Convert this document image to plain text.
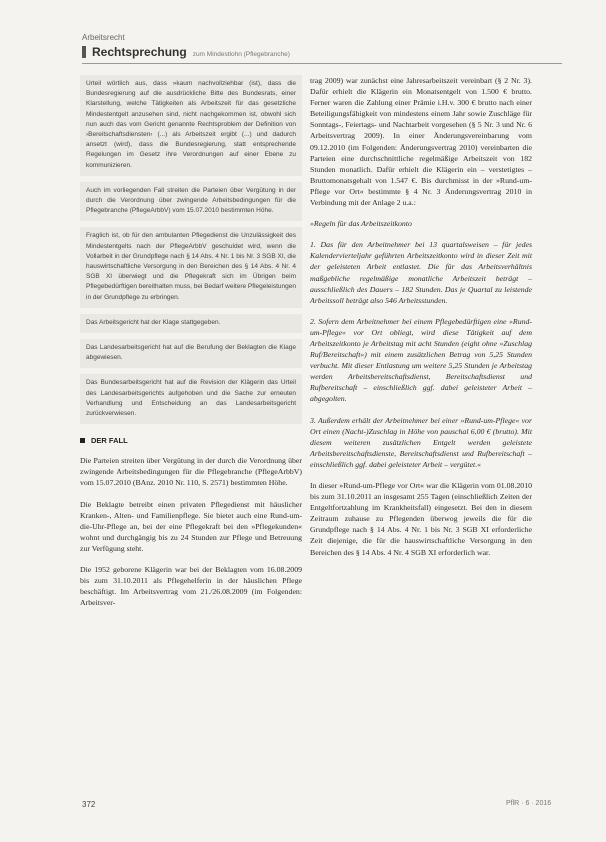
Arbeitsrecht
Rechtsprechung zum Mindestlohn (Pflegebranche)

Urteil wörtlich aus, dass »kaum nachvollziehbar (ist), dass die Bundesregierung auf die ausdrückliche Bitte des Bundesrats, einer Klarstellung, welche Tätigkeiten als Arbeitszeit für das gesetzliche Mindestentgelt anzusehen sind, nicht nachgekommen ist, obwohl sich nun auch das vom Gericht genannte Rechtsproblem der Definition von ›Bereitschaftsdiensten‹ (...) als Arbeitszeit ergibt (...) und dadurch ansetzt (wird), dass die Bundesregierung, statt entsprechende Regelungen im Gesetz ihre Verordnungen auf einer Ebene zu kommunizieren.

Auch im vorliegenden Fall streiten die Parteien über Vergütung in der durch die Verordnung über zwingende Arbeitsbedingungen für die Pflegebranche (PflegeArbbV) vom 15.07.2010 bestimmten Höhe.

Fraglich ist, ob für den ambulanten Pflegedienst die Unzulässigkeit des Mindestentgelts nach der PflegeArbbV geschuldet wird, wenn die Vollarbeit in der Grundpflege nach § 14 Abs. 4 Nr. 1 bis Nr. 3 SGB XI, die hauswirtschaftliche Versorgung in den Bereichen des § 14 Abs. 4 Nr. 4 SGB XI überwiegt und die Pflegekraft sich im Übrigen beim Pflegebedürftigen bereithalten muss, bei Bedarf weitere Pflegeleistungen in der Grundpflege zu erbringen.

Das Arbeitsgericht hat der Klage stattgegeben.

Das Landesarbeitsgericht hat auf die Berufung der Beklagten die Klage abgewiesen.

Das Bundesarbeitsgericht hat auf die Revision der Klägerin das Urteil des Landesarbeitsgerichts aufgehoben und die Sache zur erneuten Verhandlung und Entscheidung an das Landesarbeitsgericht zurückverwiesen.

DER FALL

Die Parteien streiten über Vergütung in der durch die Verordnung über zwingende Arbeitsbedingungen für die Pflegebranche (PflegeArbbV) vom 15.07.2010 (BAnz. 2010 Nr. 110, S. 2571) bestimmten Höhe.

Die Beklagte betreibt einen privaten Pflegedienst mit häuslicher Kranken-, Alten- und Familienpflege. Sie bietet auch eine Rund-um-die-Uhr-Pflege an, bei der eine Pflegekraft bei den »Pflegekunden« wohnt und durchgängig bis zu 24 Stunden zur Pflege und Betreuung zur Verfügung steht.

Die 1952 geborene Klägerin war bei der Beklagten vom 16.08.2009 bis zum 31.10.2011 als Pflegehelferin in der häuslichen Pflege beschäftigt. Im Arbeitsvertrag vom 21./26.08.2009 (im Folgenden: Arbeitsver-

trag 2009) war zunächst eine Jahresarbeitszeit vereinbart (§ 2 Nr. 3). Dafür erhielt die Klägerin ein Monatsentgelt von 1.500 € brutto. Ferner waren die Zahlung einer Prämie i.H.v. 300 € brutto nach einer Beteiligungsfähigkeit von mindestens einem Jahr sowie Zuschläge für Sonntags-, Feiertags- und Nachtarbeit vorgesehen (§ 5 Nr. 3 und Nr. 6 Arbeitsvertrag 2009). In einer Änderungsvereinbarung vom 09.12.2010 (im Folgenden: Änderungsvertrag 2010) vereinbarten die Parteien eine durchschnittliche regelmäßige Arbeitszeit von 182 Stunden monatlich. Dafür erhielt die Klägerin ein – verstetigtes – Bruttomonatsgehalt von 1.547 €. Bis durchmisst in der »Rund-um-Pflege vor Ort« bestimmte § 4 Nr. 3 Änderungsvertrag 2010 in Verbindung mit der Anlage 2 u.a.:

»Regeln für das Arbeitszeitkonto

1. Das für den Arbeitnehmer bei 13 quartalsweisen – für jedes Kalendervierteljahr geführten Arbeitszeitkonto wird in dieser Zeit mit der geleisteten Arbeit entlastet. Die für das Arbeitsverhältnis maßgebliche regelmäßige monatliche Arbeitszeit beträgt – ausschließlich des Dauers – 182 Stunden. Das je Quartal zu leistende Arbeitssoll beträgt also 546 Arbeitsstunden.

2. Sofern dem Arbeitnehmer bei einem Pflegebedürftigen eine »Rund-um-Pflege« vor Ort obliegt, wird diese Tätigkeit auf dem Arbeitszeitkonto je Arbeitstag mit acht Stunden (eight ohne »Zuschlag Ruf/Bereitschaft«) mit einem zusätzlichen Betrag von 5,25 Stunden verbucht. Mit dieser Entlastung um weitere 5,25 Stunden je Arbeitstag werden Arbeitsbereitschaftsdienst, Bereitschaftsdienst und Rufbereitschaft – einschließlich ggf. dabei geleisteter Arbeit – abgegolten.

3. Außerdem erhält der Arbeitnehmer bei einer »Rund-um-Pflege« vor Ort einen (Nacht-)Zuschlag in Höhe von pauschal 6,00 € (brutto). Mit diesem weiteren zusätzlichen Entgelt werden geleistete Arbeitsbereitschaftsdienste, Bereitschaftsdienst und Rufbereitschaft – einschließlich ggf. dabei geleisteter Arbeit – vergütet.«

In dieser »Rund-um-Pflege vor Ort« war die Klägerin vom 01.08.2010 bis zum 31.10.2011 an insgesamt 255 Tagen (einschließlich Zeiten der Entgeltfortzahlung im Krankheitsfall) eingesetzt. Bei den in diesem Zeitraum zuhause zu Pflegenden überwog jeweils die für die Grundpflege nach § 14 Abs. 4 Nr. 1 bis Nr. 3 SGB XI erforderliche Zeit diejenige, die für die hauswirtschaftliche Versorgung in den Bereichen des § 14 Abs. 4 Nr. 4 SGB XI erforderlich war.

372	PflR · 6 · 2016
